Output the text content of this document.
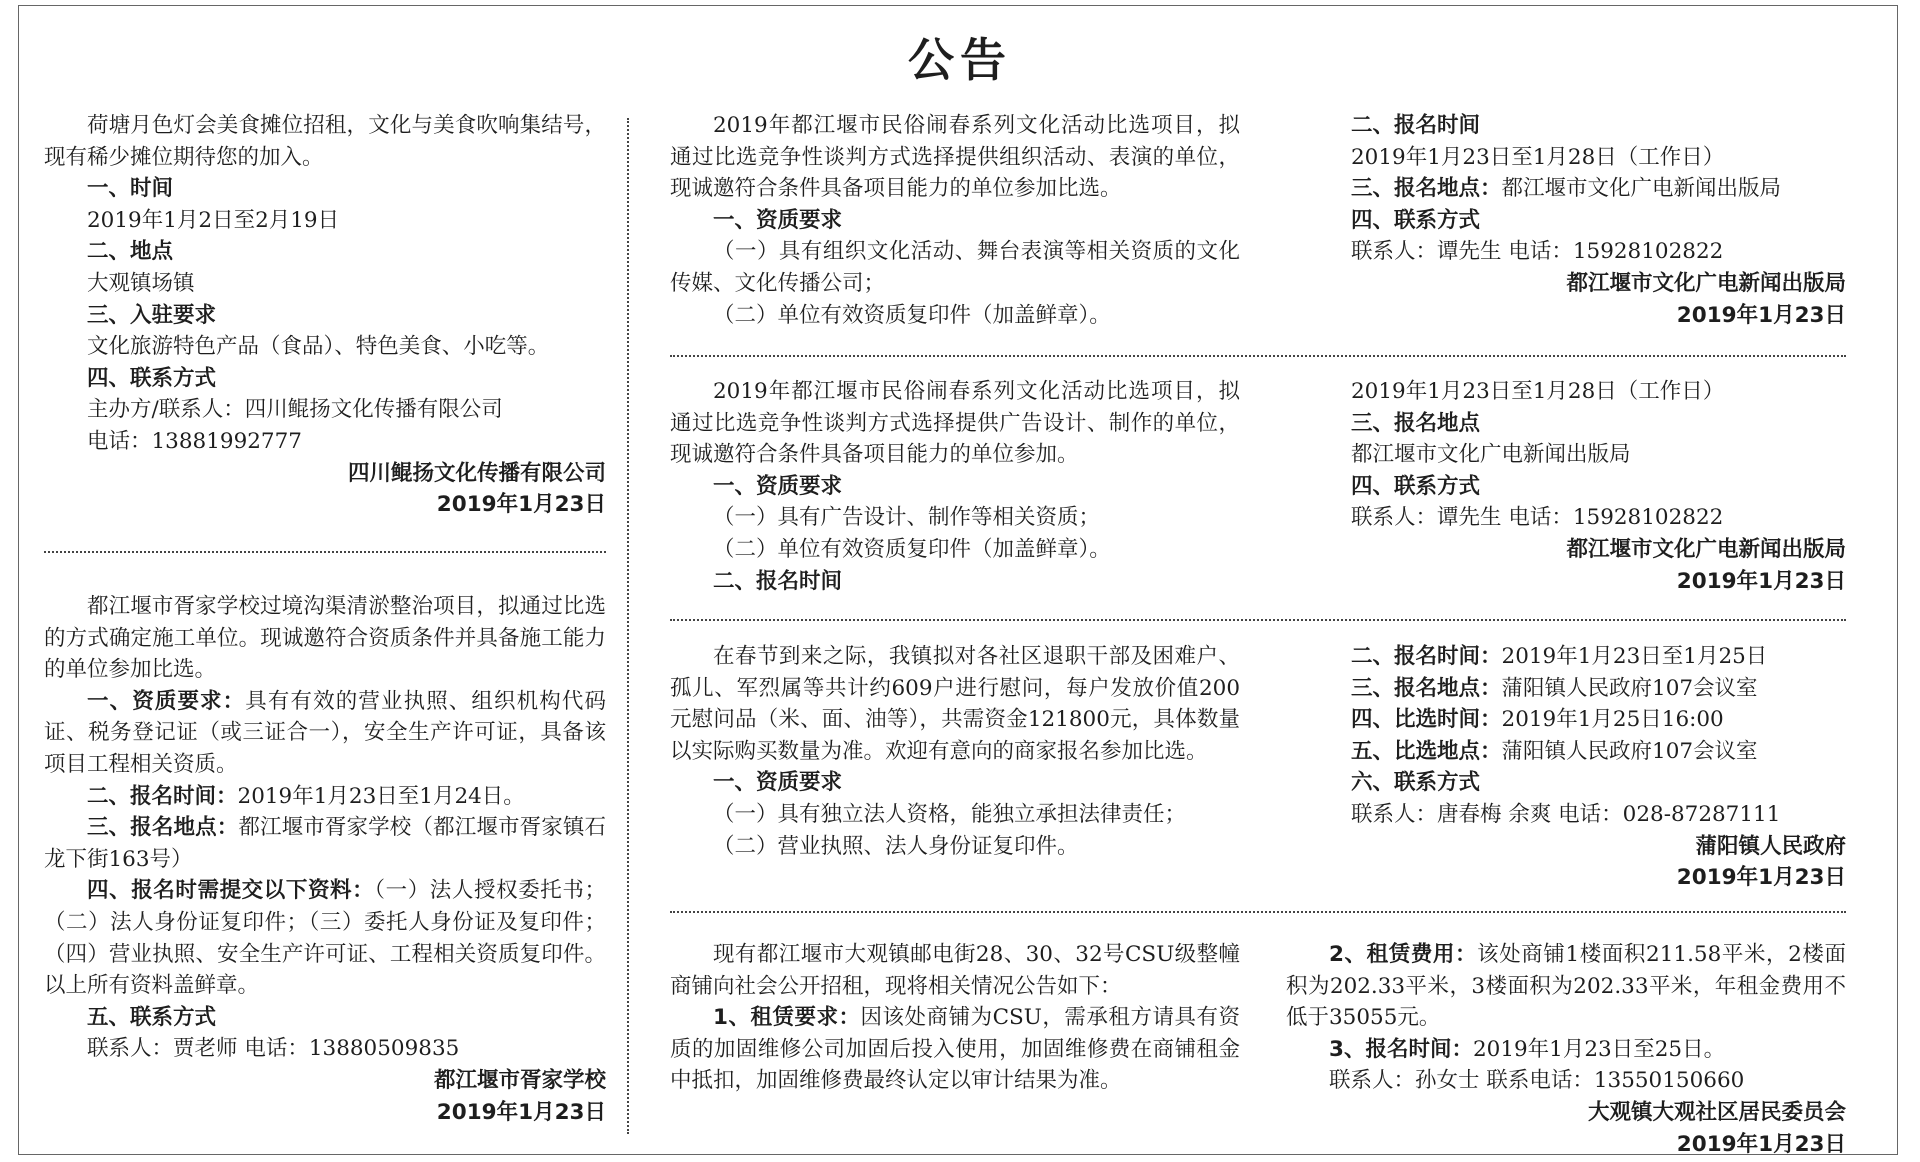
公告

荷塘月色灯会美食摊位招租，文化与美食吹响集结号，现有稀少摊位期待您的加入。

一、时间

2019年1月2日至2月19日

二、地点

大观镇场镇

三、入驻要求

文化旅游特色产品（食品）、特色美食、小吃等。

四、联系方式

主办方/联系人：四川鲲扬文化传播有限公司

电话：13881992777

四川鲲扬文化传播有限公司

2019年1月23日

都江堰市胥家学校过境沟渠清淤整治项目，拟通过比选的方式确定施工单位。现诚邀符合资质条件并具备施工能力的单位参加比选。

一、资质要求：具有有效的营业执照、组织机构代码证、税务登记证（或三证合一），安全生产许可证，具备该项目工程相关资质。

二、报名时间：2019年1月23日至1月24日。

三、报名地点：都江堰市胥家学校（都江堰市胥家镇石龙下街163号）

四、报名时需提交以下资料：（一）法人授权委托书；（二）法人身份证复印件；（三）委托人身份证及复印件；（四）营业执照、安全生产许可证、工程相关资质复印件。以上所有资料盖鲜章。

五、联系方式

联系人：贾老师 电话：13880509835

都江堰市胥家学校

2019年1月23日

2019年都江堰市民俗闹春系列文化活动比选项目，拟通过比选竞争性谈判方式选择提供组织活动、表演的单位，现诚邀符合条件具备项目能力的单位参加比选。

一、资质要求

（一）具有组织文化活动、舞台表演等相关资质的文化传媒、文化传播公司；

（二）单位有效资质复印件（加盖鲜章）。

二、报名时间

2019年1月23日至1月28日（工作日）

三、报名地点：都江堰市文化广电新闻出版局

四、联系方式

联系人：谭先生 电话：15928102822

都江堰市文化广电新闻出版局

2019年1月23日

2019年都江堰市民俗闹春系列文化活动比选项目，拟通过比选竞争性谈判方式选择提供广告设计、制作的单位，现诚邀符合条件具备项目能力的单位参加。

一、资质要求

（一）具有广告设计、制作等相关资质；

（二）单位有效资质复印件（加盖鲜章）。

二、报名时间

2019年1月23日至1月28日（工作日）

三、报名地点

都江堰市文化广电新闻出版局

四、联系方式

联系人：谭先生 电话：15928102822

都江堰市文化广电新闻出版局

2019年1月23日

在春节到来之际，我镇拟对各社区退职干部及困难户、孤儿、军烈属等共计约609户进行慰问，每户发放价值200元慰问品（米、面、油等），共需资金121800元，具体数量以实际购买数量为准。欢迎有意向的商家报名参加比选。

一、资质要求

（一）具有独立法人资格，能独立承担法律责任；

（二）营业执照、法人身份证复印件。

二、报名时间：2019年1月23日至1月25日

三、报名地点：蒲阳镇人民政府107会议室

四、比选时间：2019年1月25日16:00

五、比选地点：蒲阳镇人民政府107会议室

六、联系方式

联系人：唐春梅 余爽 电话：028-87287111

蒲阳镇人民政府

2019年1月23日

现有都江堰市大观镇邮电街28、30、32号CSU级整幢商铺向社会公开招租，现将相关情况公告如下：

1、租赁要求：因该处商铺为CSU，需承租方请具有资质的加固维修公司加固后投入使用，加固维修费在商铺租金中抵扣，加固维修费最终认定以审计结果为准。

2、租赁费用：该处商铺1楼面积211.58平米，2楼面积为202.33平米，3楼面积为202.33平米，年租金费用不低于35055元。

3、报名时间：2019年1月23日至25日。

联系人：孙女士 联系电话：13550150660

大观镇大观社区居民委员会

2019年1月23日
